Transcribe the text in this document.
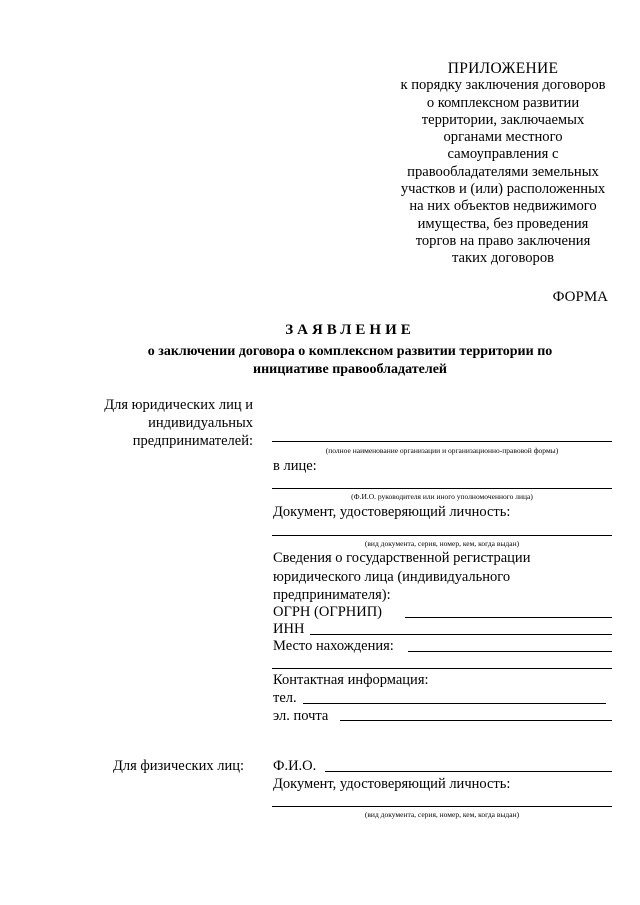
ПРИЛОЖЕНИЕ
к порядку заключения договоров
о комплексном развитии
территории, заключаемых
органами местного
самоуправления с
правообладателями земельных
участков и (или) расположенных
на них объектов недвижимого
имущества, без проведения
торгов на право заключения
таких договоров
ФОРМА
ЗАЯВЛЕНИЕ
о заключении договора о комплексном развитии территории по
инициативе правообладателей
Для юридических лиц и
индивидуальных
предпринимателей:
(полное наименование организации и организационно-правовой формы)
в лице:
(Ф.И.О. руководителя или иного уполномоченного лица)
Документ, удостоверяющий личность:
(вид документа, серия, номер, кем, когда выдан)
Сведения о государственной регистрации
юридического лица (индивидуального
предпринимателя):
ОГРН (ОГРНИП)
ИНН
Место нахождения:
Контактная информация:
тел.
эл. почта
Для физических лиц: Ф.И.О.
Документ, удостоверяющий личность:
(вид документа, серия, номер, кем, когда выдан)
